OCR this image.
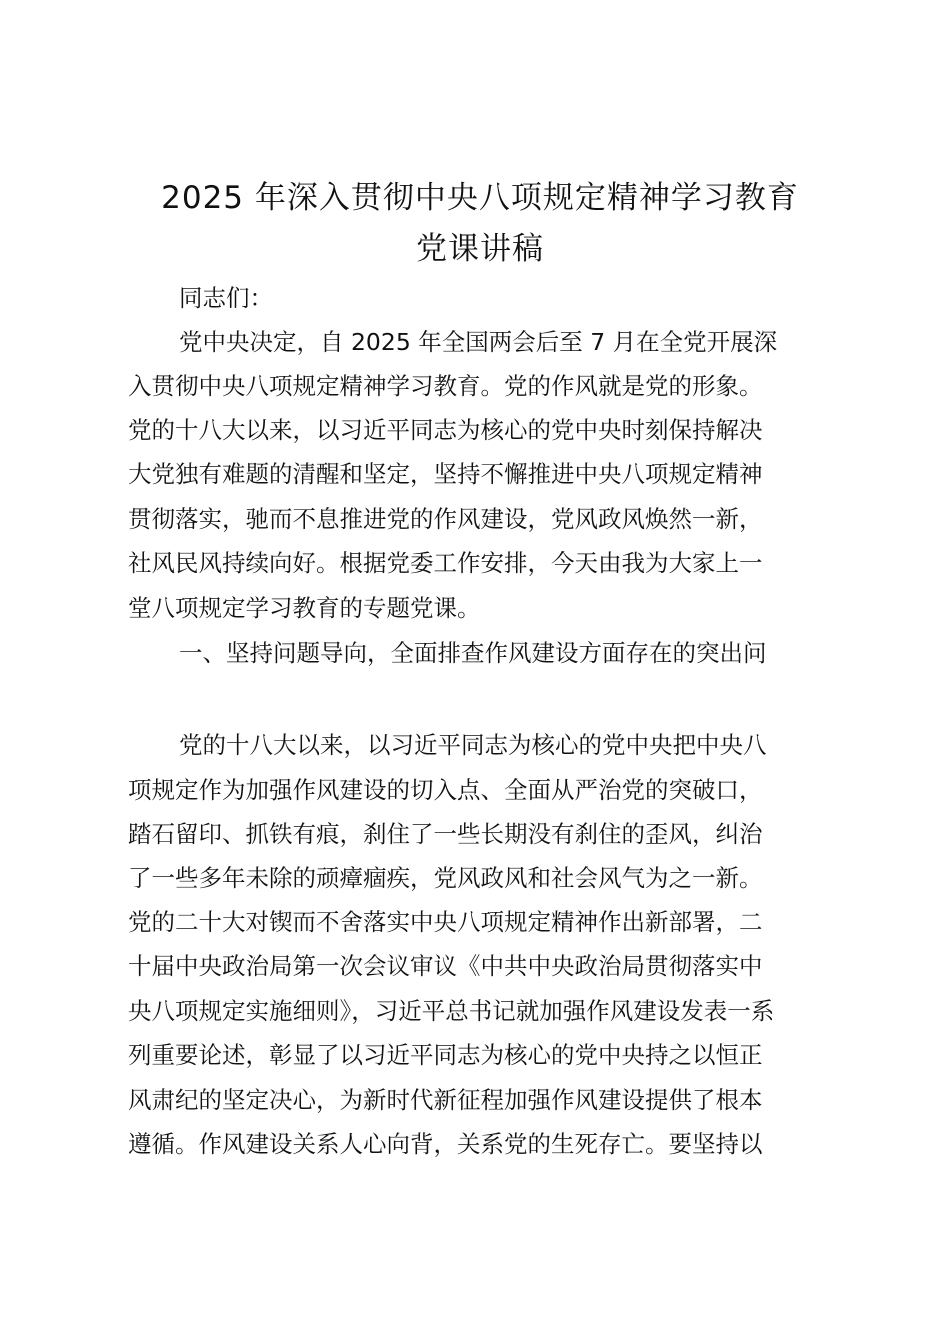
2025 年深入贯彻中央八项规定精神学习教育
党课讲稿
同志们：
党中央决定，自 2025 年全国两会后至 7 月在全党开展深
入贯彻中央八项规定精神学习教育。党的作风就是党的形象。
党的十八大以来，以习近平同志为核心的党中央时刻保持解决
大党独有难题的清醒和坚定，坚持不懈推进中央八项规定精神
贯彻落实，驰而不息推进党的作风建设，党风政风焕然一新，
社风民风持续向好。根据党委工作安排，今天由我为大家上一
堂八项规定学习教育的专题党课。
一、坚持问题导向，全面排查作风建设方面存在的突出问
党的十八大以来，以习近平同志为核心的党中央把中央八
项规定作为加强作风建设的切入点、全面从严治党的突破口，
踏石留印、抓铁有痕，刹住了一些长期没有刹住的歪风，纠治
了一些多年未除的顽瘴痼疾，党风政风和社会风气为之一新。
党的二十大对锲而不舍落实中央八项规定精神作出新部署，二
十届中央政治局第一次会议审议《中共中央政治局贯彻落实中
央八项规定实施细则》，习近平总书记就加强作风建设发表一系
列重要论述，彰显了以习近平同志为核心的党中央持之以恒正
风肃纪的坚定决心，为新时代新征程加强作风建设提供了根本
遵循。作风建设关系人心向背，关系党的生死存亡。要坚持以
